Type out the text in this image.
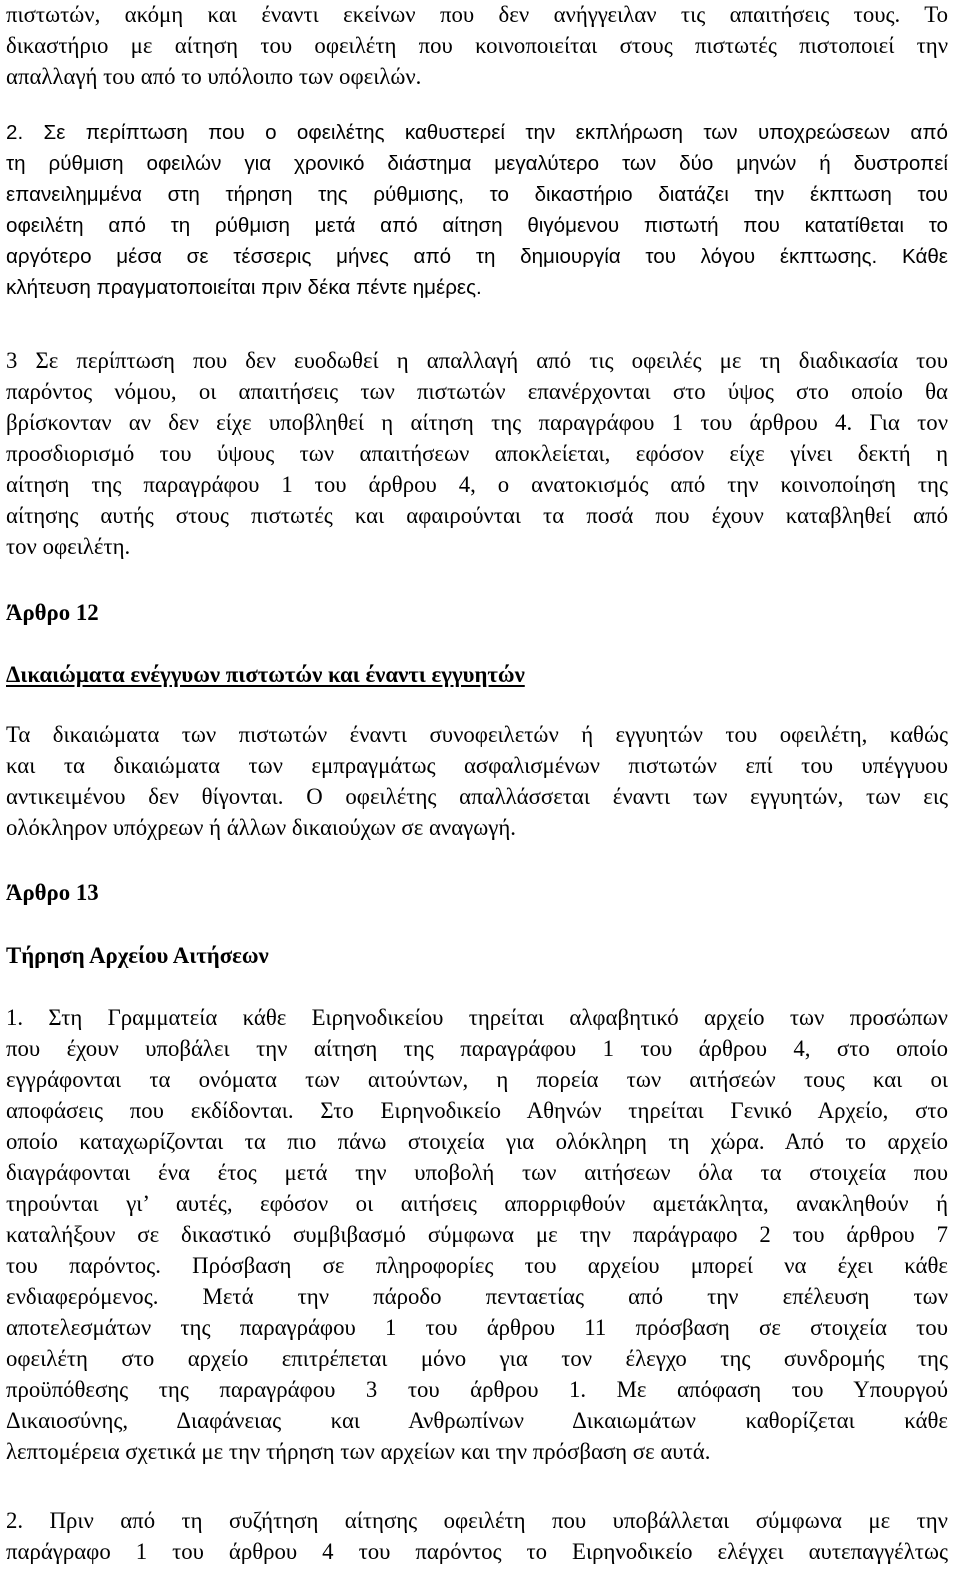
πιστωτών, ακόμη και έναντι εκείνων που δεν ανήγγειλαν τις απαιτήσεις τους. Το
δικαστήριο με αίτηση του οφειλέτη που κοινοποιείται στους πιστωτές πιστοποιεί την
απαλλαγή του από το υπόλοιπο των οφειλών.
2. Σε περίπτωση που ο οφειλέτης καθυστερεί την εκπλήρωση των υποχρεώσεων από
τη ρύθμιση οφειλών για χρονικό διάστημα μεγαλύτερο των δύο μηνών ή δυστροπεί
επανειλημμένα στη τήρηση της ρύθμισης, το δικαστήριο διατάζει την έκπτωση του
οφειλέτη από τη ρύθμιση μετά από αίτηση θιγόμενου πιστωτή που κατατίθεται το
αργότερο μέσα σε τέσσερις μήνες από τη δημιουργία του λόγου έκπτωσης. Κάθε
κλήτευση πραγματοποιείται πριν δέκα πέντε ημέρες.
3 Σε περίπτωση που δεν ευοδωθεί η απαλλαγή από τις οφειλές με τη διαδικασία του
παρόντος νόμου, οι απαιτήσεις των πιστωτών επανέρχονται στο ύψος στο οποίο θα
βρίσκονταν αν δεν είχε υποβληθεί η αίτηση της παραγράφου 1 του άρθρου 4. Για τον
προσδιορισμό του ύψους των απαιτήσεων αποκλείεται, εφόσον είχε γίνει δεκτή η
αίτηση της παραγράφου 1 του άρθρου 4, ο ανατοκισμός από την κοινοποίηση της
αίτησης αυτής στους πιστωτές και αφαιρούνται τα ποσά που έχουν καταβληθεί από
τον οφειλέτη.
Άρθρο 12
Δικαιώματα ενέγγυων πιστωτών και έναντι εγγυητών
Τα δικαιώματα των πιστωτών έναντι συνοφειλετών ή εγγυητών του οφειλέτη, καθώς
και τα δικαιώματα των εμπραγμάτως ασφαλισμένων πιστωτών επί του υπέγγυου
αντικειμένου δεν θίγονται. Ο οφειλέτης απαλλάσσεται έναντι των εγγυητών, των εις
ολόκληρον υπόχρεων ή άλλων δικαιούχων σε αναγωγή.
Άρθρο 13
Τήρηση Αρχείου Αιτήσεων
1. Στη Γραμματεία κάθε Ειρηνοδικείου τηρείται αλφαβητικό αρχείο των προσώπων
που έχουν υποβάλει την αίτηση της παραγράφου 1 του άρθρου 4, στο οποίο
εγγράφονται τα ονόματα των αιτούντων, η πορεία των αιτήσεών τους και οι
αποφάσεις που εκδίδονται. Στο Ειρηνοδικείο Αθηνών τηρείται Γενικό Αρχείο, στο
οποίο καταχωρίζονται τα πιο πάνω στοιχεία για ολόκληρη τη χώρα. Από το αρχείο
διαγράφονται ένα έτος μετά την υποβολή των αιτήσεων όλα τα στοιχεία που
τηρούνται γι’ αυτές, εφόσον οι αιτήσεις απορριφθούν αμετάκλητα, ανακληθούν ή
καταλήξουν σε δικαστικό συμβιβασμό σύμφωνα με την παράγραφο 2 του άρθρου 7
του παρόντος. Πρόσβαση σε πληροφορίες του αρχείου μπορεί να έχει κάθε
ενδιαφερόμενος. Μετά την πάροδο πενταετίας από την επέλευση των
αποτελεσμάτων της παραγράφου 1 του άρθρου 11 πρόσβαση σε στοιχεία του
οφειλέτη στο αρχείο επιτρέπεται μόνο για τον έλεγχο της συνδρομής της
προϋπόθεσης της παραγράφου 3 του άρθρου 1. Με απόφαση του Υπουργού
Δικαιοσύνης, Διαφάνειας και Ανθρωπίνων Δικαιωμάτων καθορίζεται κάθε
λεπτομέρεια σχετικά με την τήρηση των αρχείων και την πρόσβαση σε αυτά.
2. Πριν από τη συζήτηση αίτησης οφειλέτη που υποβάλλεται σύμφωνα με την
παράγραφο 1 του άρθρου 4 του παρόντος το Ειρηνοδικείο ελέγχει αυτεπαγγέλτως
